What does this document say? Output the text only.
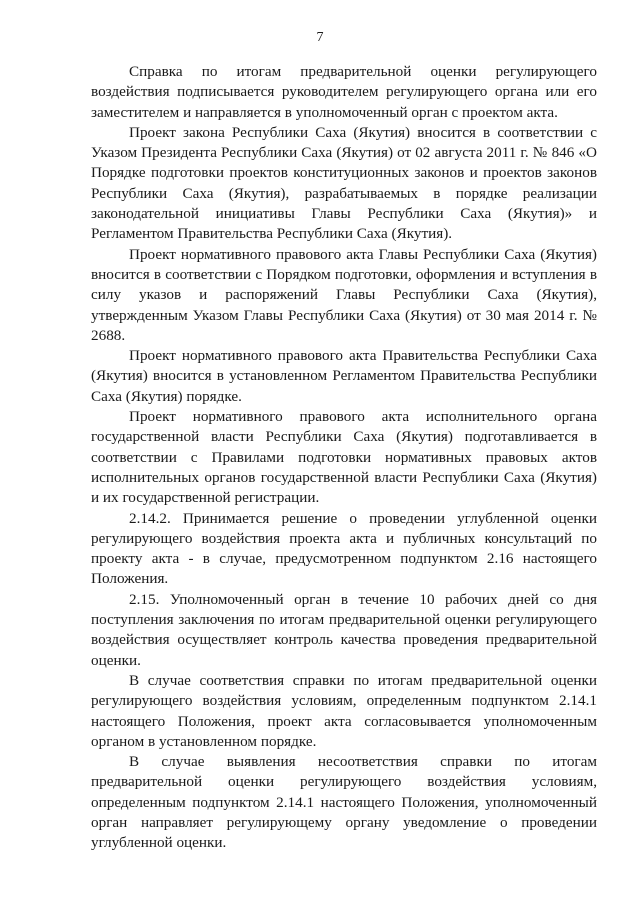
7

Справка по итогам предварительной оценки регулирующего воздействия подписывается руководителем регулирующего органа или его заместителем и направляется в уполномоченный орган с проектом акта.

Проект закона Республики Саха (Якутия) вносится в соответствии с Указом Президента Республики Саха (Якутия) от 02 августа 2011 г. № 846 «О Порядке подготовки проектов конституционных законов и проектов законов Республики Саха (Якутия), разрабатываемых в порядке реализации законодательной инициативы Главы Республики Саха (Якутия)» и Регламентом Правительства Республики Саха (Якутия).

Проект нормативного правового акта Главы Республики Саха (Якутия) вносится в соответствии с Порядком подготовки, оформления и вступления в силу указов и распоряжений Главы Республики Саха (Якутия), утвержденным Указом Главы Республики Саха (Якутия) от 30 мая 2014 г. № 2688.

Проект нормативного правового акта Правительства Республики Саха (Якутия) вносится в установленном Регламентом Правительства Республики Саха (Якутия) порядке.

Проект нормативного правового акта исполнительного органа государственной власти Республики Саха (Якутия) подготавливается в соответствии с Правилами подготовки нормативных правовых актов исполнительных органов государственной власти Республики Саха (Якутия) и их государственной регистрации.

2.14.2. Принимается решение о проведении углубленной оценки регулирующего воздействия проекта акта и публичных консультаций по проекту акта - в случае, предусмотренном подпунктом 2.16 настоящего Положения.

2.15. Уполномоченный орган в течение 10 рабочих дней со дня поступления заключения по итогам предварительной оценки регулирующего воздействия осуществляет контроль качества проведения предварительной оценки.

В случае соответствия справки по итогам предварительной оценки регулирующего воздействия условиям, определенным подпунктом 2.14.1 настоящего Положения, проект акта согласовывается уполномоченным органом в установленном порядке.

В случае выявления несоответствия справки по итогам предварительной оценки регулирующего воздействия условиям, определенным подпунктом 2.14.1 настоящего Положения, уполномоченный орган направляет регулирующему органу уведомление о проведении углубленной оценки.
